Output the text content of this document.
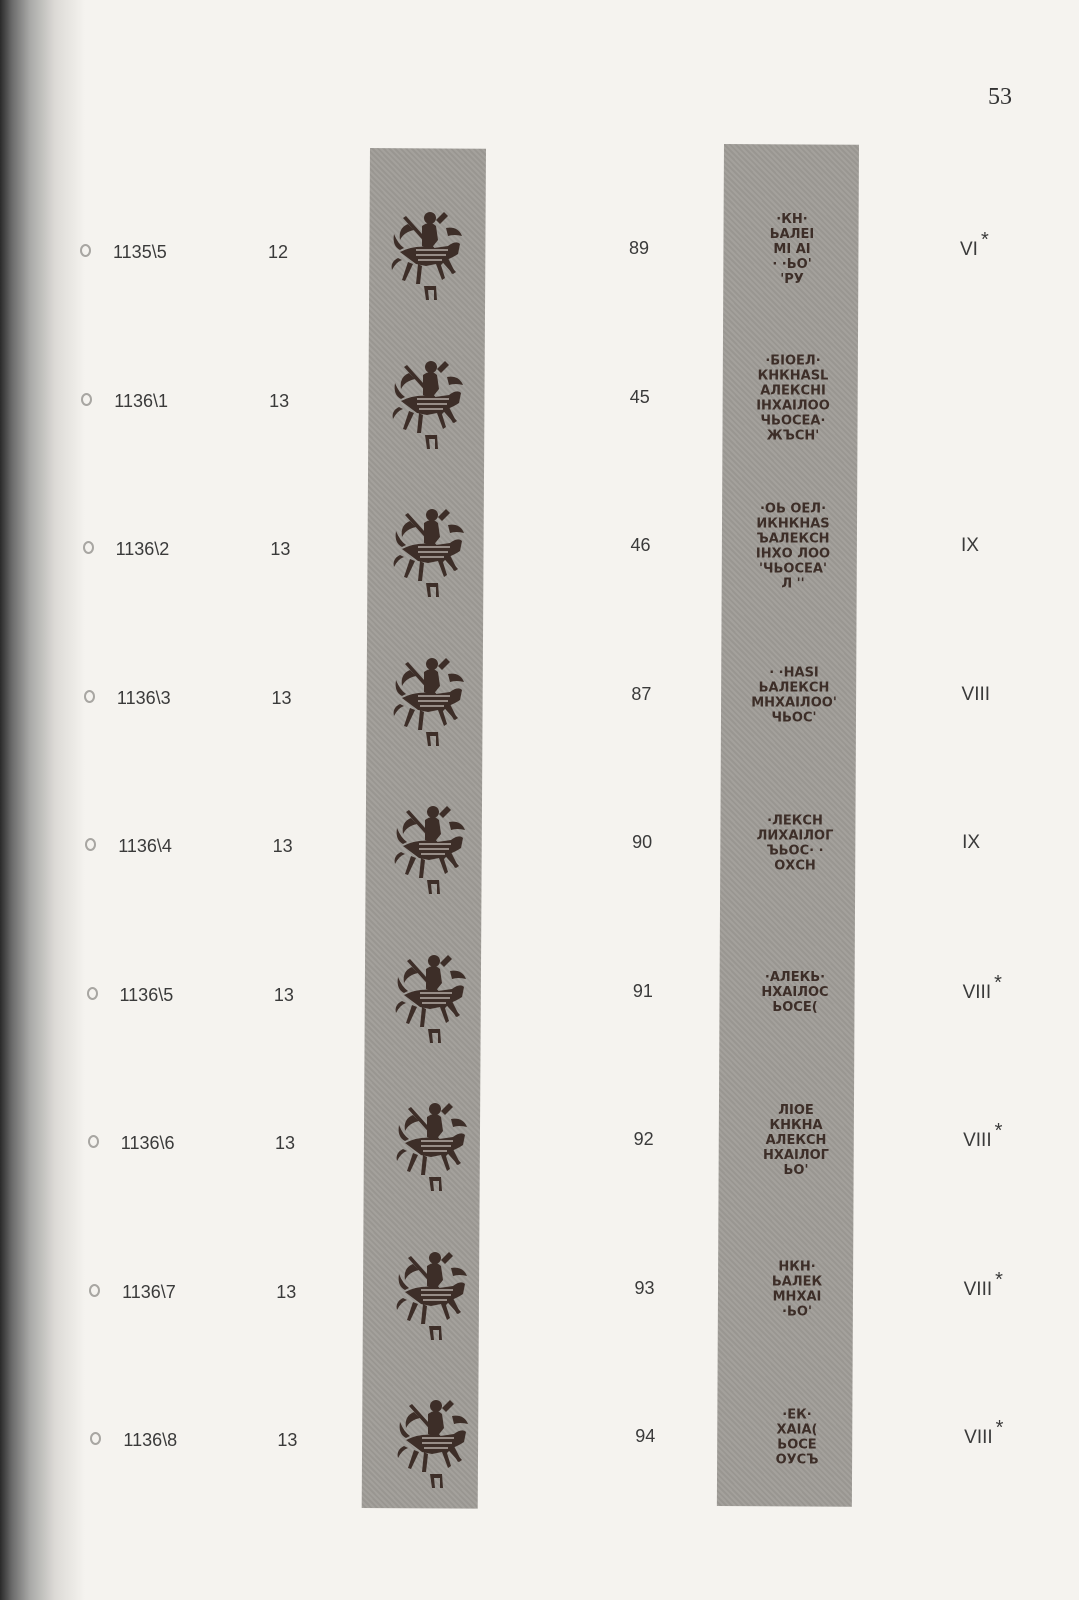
53
1135\5	12	89
·КН·
ЬАЛЕІ
МІ АІ
· ·ЬО'
'РУ
VI *
1136\1	13	45
·БІОЕЛ·
КНКНАSL
АЛЕКСНІ
ІНХАІЛОО
ЧЬОСЕА·
ЖЪСН'
1136\2	13	46
·ОЬ ОЕЛ·
ИКНКНАS
ЪАЛЕКСН
ІНХО ЛОО
'ЧЬОСЕА'
Л ''
IX
1136\3	13	87
· ·НАSІ
ЬАЛЕКСН
МНХАІЛОО'
ЧЬОС'
VIII
1136\4	13	90
·ЛЕКСН
ЛИХАІЛОГ
ЪЬОС· ·
ОХСН
IX
1136\5	13	91
·АЛЕКЬ·
НХАІЛОС
ЬОСЕ(
VIII *
1136\6	13	92
ЛІОЕ
КНКНА
АЛЕКСН
НХАІЛОГ
ЬО'
VIII *
1136\7	13	93
НКН·
ЬАЛЕК
МНХАІ
·ЬО'
VIII *
1136\8	13	94
·ЕК·
ХАІА(
ЬОСЕ
ОУСЪ
VIII *
